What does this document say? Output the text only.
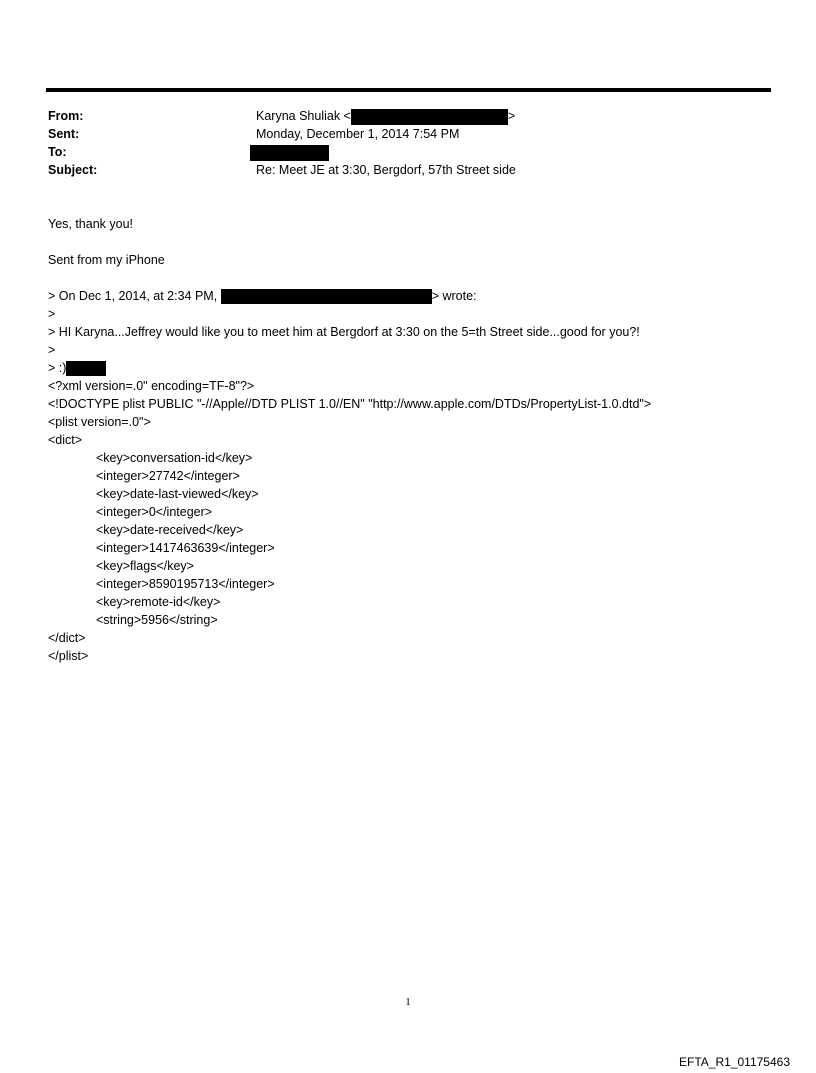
From:	Karyna Shuliak <	>
Sent:	Monday, December 1, 2014 7:54 PM
To:
Subject:	Re: Meet JE at 3:30, Bergdorf, 57th Street side
Yes, thank you!
Sent from my iPhone
> On Dec 1, 2014, at 2:34 PM,	> wrote:
>
> HI Karyna...Jeffrey would like you to meet him at Bergdorf at 3:30 on the 5=th Street side...good for you?!
>
> :)
<?xml version=.0" encoding=TF-8"?>
<!DOCTYPE plist PUBLIC "-//Apple//DTD PLIST 1.0//EN" "http://www.apple.com/DTDs/PropertyList-1.0.dtd">
<plist version=.0">
<dict>
<key>conversation-id</key>
<integer>27742</integer>
<key>date-last-viewed</key>
<integer>0</integer>
<key>date-received</key>
<integer>1417463639</integer>
<key>flags</key>
<integer>8590195713</integer>
<key>remote-id</key>
<string>5956</string>
</dict>
</plist>
1
EFTA_R1_01175463
